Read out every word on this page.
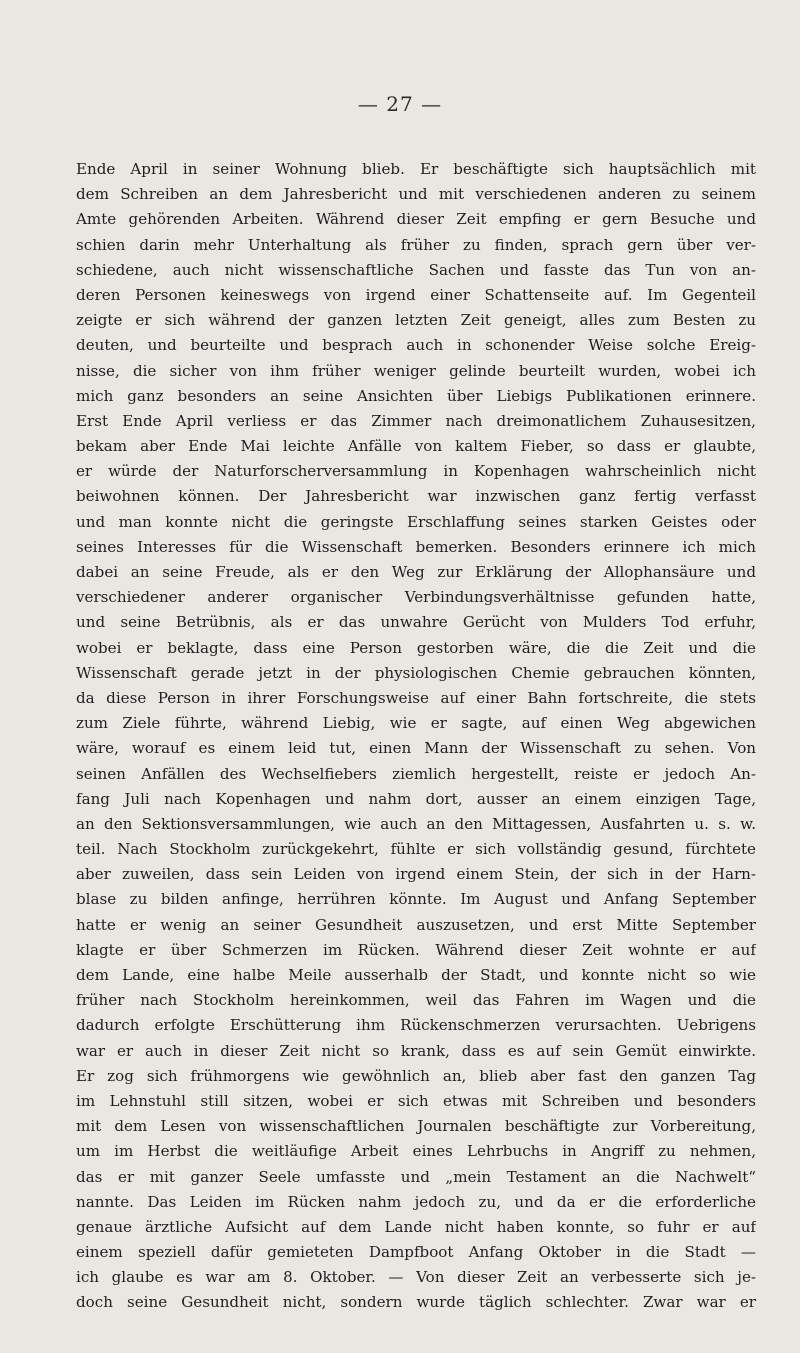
— 27 —
Ende April in seiner Wohnung blieb. Er beschäftigte sich hauptsächlich mit
dem Schreiben an dem Jahresbericht und mit verschiedenen anderen zu seinem
Amte gehörenden Arbeiten. Während dieser Zeit empfing er gern Besuche und
schien darin mehr Unterhaltung als früher zu finden, sprach gern über ver-
schiedene, auch nicht wissenschaftliche Sachen und fasste das Tun von an-
deren Personen keineswegs von irgend einer Schattenseite auf. Im Gegenteil
zeigte er sich während der ganzen letzten Zeit geneigt, alles zum Besten zu
deuten, und beurteilte und besprach auch in schonender Weise solche Ereig-
nisse, die sicher von ihm früher weniger gelinde beurteilt wurden, wobei ich
mich ganz besonders an seine Ansichten über Liebigs Publikationen erinnere.
Erst Ende April verliess er das Zimmer nach dreimonatlichem Zuhausesitzen,
bekam aber Ende Mai leichte Anfälle von kaltem Fieber, so dass er glaubte,
er würde der Naturforscherversammlung in Kopenhagen wahrscheinlich nicht
beiwohnen können. Der Jahresbericht war inzwischen ganz fertig verfasst
und man konnte nicht die geringste Erschlaffung seines starken Geistes oder
seines Interesses für die Wissenschaft bemerken. Besonders erinnere ich mich
dabei an seine Freude, als er den Weg zur Erklärung der Allophansäure und
verschiedener anderer organischer Verbindungsverhältnisse gefunden hatte,
und seine Betrübnis, als er das unwahre Gerücht von Mulders Tod erfuhr,
wobei er beklagte, dass eine Person gestorben wäre, die die Zeit und die
Wissenschaft gerade jetzt in der physiologischen Chemie gebrauchen könnten,
da diese Person in ihrer Forschungsweise auf einer Bahn fortschreite, die stets
zum Ziele führte, während Liebig, wie er sagte, auf einen Weg abgewichen
wäre, worauf es einem leid tut, einen Mann der Wissenschaft zu sehen. Von
seinen Anfällen des Wechselfiebers ziemlich hergestellt, reiste er jedoch An-
fang Juli nach Kopenhagen und nahm dort, ausser an einem einzigen Tage,
an den Sektionsversammlungen, wie auch an den Mittagessen, Ausfahrten u. s. w.
teil. Nach Stockholm zurückgekehrt, fühlte er sich vollständig gesund, fürchtete
aber zuweilen, dass sein Leiden von irgend einem Stein, der sich in der Harn-
blase zu bilden anfinge, herrühren könnte. Im August und Anfang September
hatte er wenig an seiner Gesundheit auszusetzen, und erst Mitte September
klagte er über Schmerzen im Rücken. Während dieser Zeit wohnte er auf
dem Lande, eine halbe Meile ausserhalb der Stadt, und konnte nicht so wie
früher nach Stockholm hereinkommen, weil das Fahren im Wagen und die
dadurch erfolgte Erschütterung ihm Rückenschmerzen verursachten. Uebrigens
war er auch in dieser Zeit nicht so krank, dass es auf sein Gemüt einwirkte.
Er zog sich frühmorgens wie gewöhnlich an, blieb aber fast den ganzen Tag
im Lehnstuhl still sitzen, wobei er sich etwas mit Schreiben und besonders
mit dem Lesen von wissenschaftlichen Journalen beschäftigte zur Vorbereitung,
um im Herbst die weitläufige Arbeit eines Lehrbuchs in Angriff zu nehmen,
das er mit ganzer Seele umfasste und „mein Testament an die Nachwelt“
nannte. Das Leiden im Rücken nahm jedoch zu, und da er die erforderliche
genaue ärztliche Aufsicht auf dem Lande nicht haben konnte, so fuhr er auf
einem speziell dafür gemieteten Dampfboot Anfang Oktober in die Stadt —
ich glaube es war am 8. Oktober. — Von dieser Zeit an verbesserte sich je-
doch seine Gesundheit nicht, sondern wurde täglich schlechter. Zwar war er
